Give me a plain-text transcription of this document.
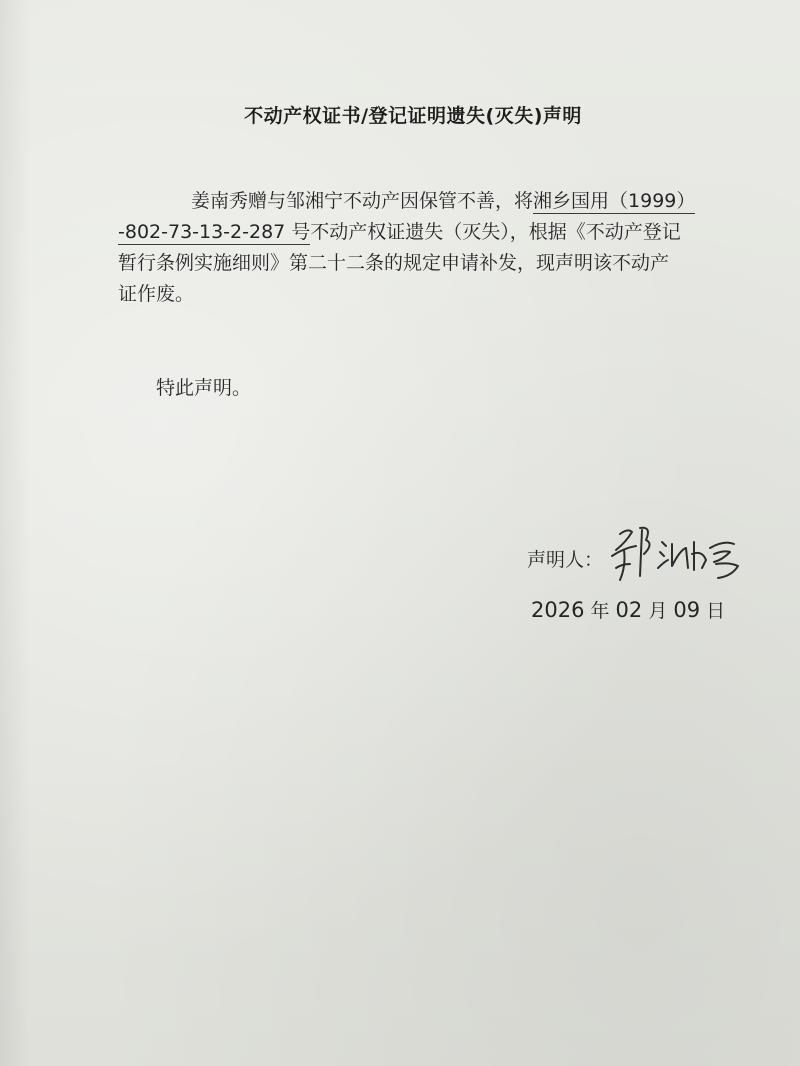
不动产权证书/登记证明遗失(灭失)声明
姜南秀赠与邹湘宁不动产因保管不善，将湘乡国用（1999）
-802-73-13-2-287 号不动产权证遗失（灭失），根据《不动产登记
暂行条例实施细则》第二十二条的规定申请补发，现声明该不动产
证作废。
特此声明。
声明人：
2026 年 02 月 09 日
